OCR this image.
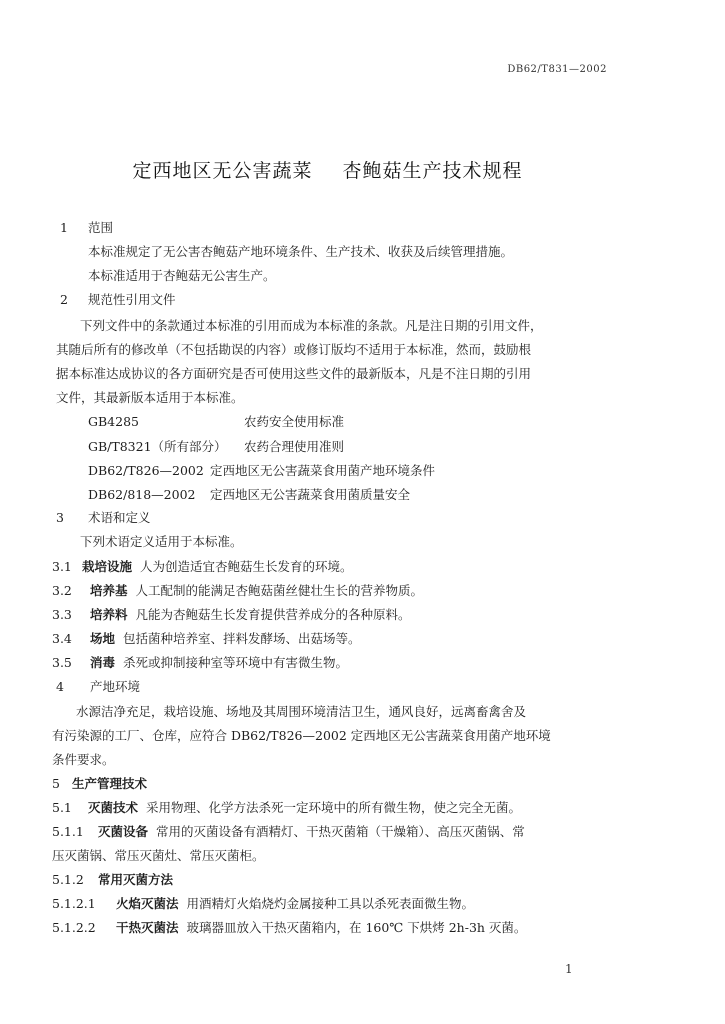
DB62/T831—2002
定西地区无公害蔬菜 杏鲍菇生产技术规程
1 范围
本标准规定了无公害杏鲍菇产地环境条件、生产技术、收获及后续管理措施。
本标准适用于杏鲍菇无公害生产。
2 规范性引用文件
下列文件中的条款通过本标准的引用而成为本标准的条款。凡是注日期的引用文件，
其随后所有的修改单（不包括勘误的内容）或修订版均不适用于本标准，然而，鼓励根
据本标准达成协议的各方面研究是否可使用这些文件的最新版本，凡是不注日期的引用
文件，其最新版本适用于本标准。
GB4285	农药安全使用标准
GB/T8321（所有部分） 农药合理使用准则
DB62/T826—2002 定西地区无公害蔬菜食用菌产地环境条件
DB62/818—2002 定西地区无公害蔬菜食用菌质量安全
3 术语和定义
下列术语定义适用于本标准。
3.1 栽培设施 人为创造适宜杏鲍菇生长发育的环境。
3.2 培养基 人工配制的能满足杏鲍菇菌丝健壮生长的营养物质。
3.3 培养料 凡能为杏鲍菇生长发育提供营养成分的各种原料。
3.4 场地 包括菌种培养室、拌料发酵场、出菇场等。
3.5 消毒 杀死或抑制接种室等环境中有害微生物。
4 产地环境
水源洁净充足，栽培设施、场地及其周围环境清洁卫生，通风良好，远离畜禽舍及
有污染源的工厂、仓库，应符合 DB62/T826—2002 定西地区无公害蔬菜食用菌产地环境
条件要求。
5 生产管理技术
5.1 灭菌技术 采用物理、化学方法杀死一定环境中的所有微生物，使之完全无菌。
5.1.1 灭菌设备 常用的灭菌设备有酒精灯、干热灭菌箱（干燥箱）、高压灭菌锅、常
压灭菌锅、常压灭菌灶、常压灭菌柜。
5.1.2 常用灭菌方法
5.1.2.1 火焰灭菌法 用酒精灯火焰烧灼金属接种工具以杀死表面微生物。
5.1.2.2 干热灭菌法 玻璃器皿放入干热灭菌箱内，在 160℃ 下烘烤 2h-3h 灭菌。
1
